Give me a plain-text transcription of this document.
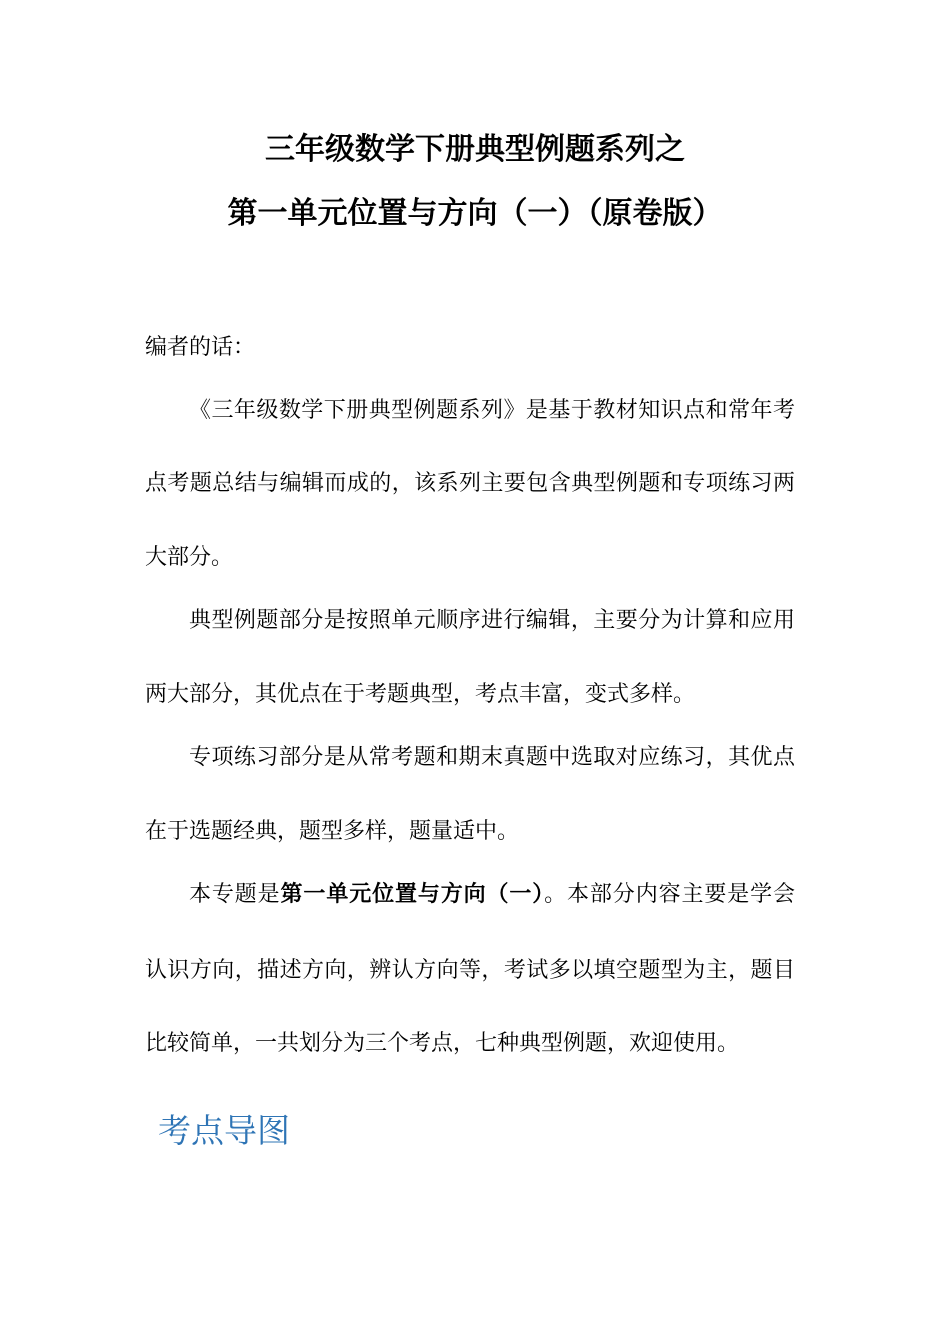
三年级数学下册典型例题系列之
第一单元位置与方向（一）（原卷版）
编者的话：
《三年级数学下册典型例题系列》是基于教材知识点和常年考
点考题总结与编辑而成的，该系列主要包含典型例题和专项练习两
大部分。
典型例题部分是按照单元顺序进行编辑，主要分为计算和应用
两大部分，其优点在于考题典型，考点丰富，变式多样。
专项练习部分是从常考题和期末真题中选取对应练习，其优点
在于选题经典，题型多样，题量适中。
本专题是第一单元位置与方向（一）。本部分内容主要是学会
认识方向，描述方向，辨认方向等，考试多以填空题型为主，题目
比较简单，一共划分为三个考点，七种典型例题，欢迎使用。
考点导图
